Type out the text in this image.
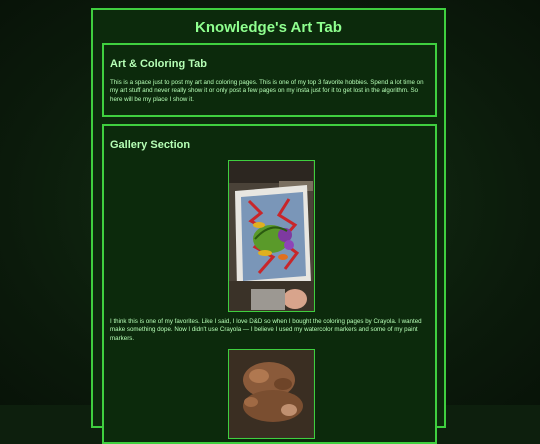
Knowledge's Art Tab
Art & Coloring Tab

This is a space just to post my art and coloring pages. This is one of my top 3 favorite hobbies. Spend a lot time on my art stuff and never really show it or only post a few pages on my insta just for it to get lost in the algorithm. So here will be my place I show it.

Gallery Section

I think this is one of my favorites. Like I said, I love D&D so when I bought the coloring pages by Crayola. I wanted make something dope. Now I didn't use Crayola — I believe I used my watercolor markers and some of my paint markers.
